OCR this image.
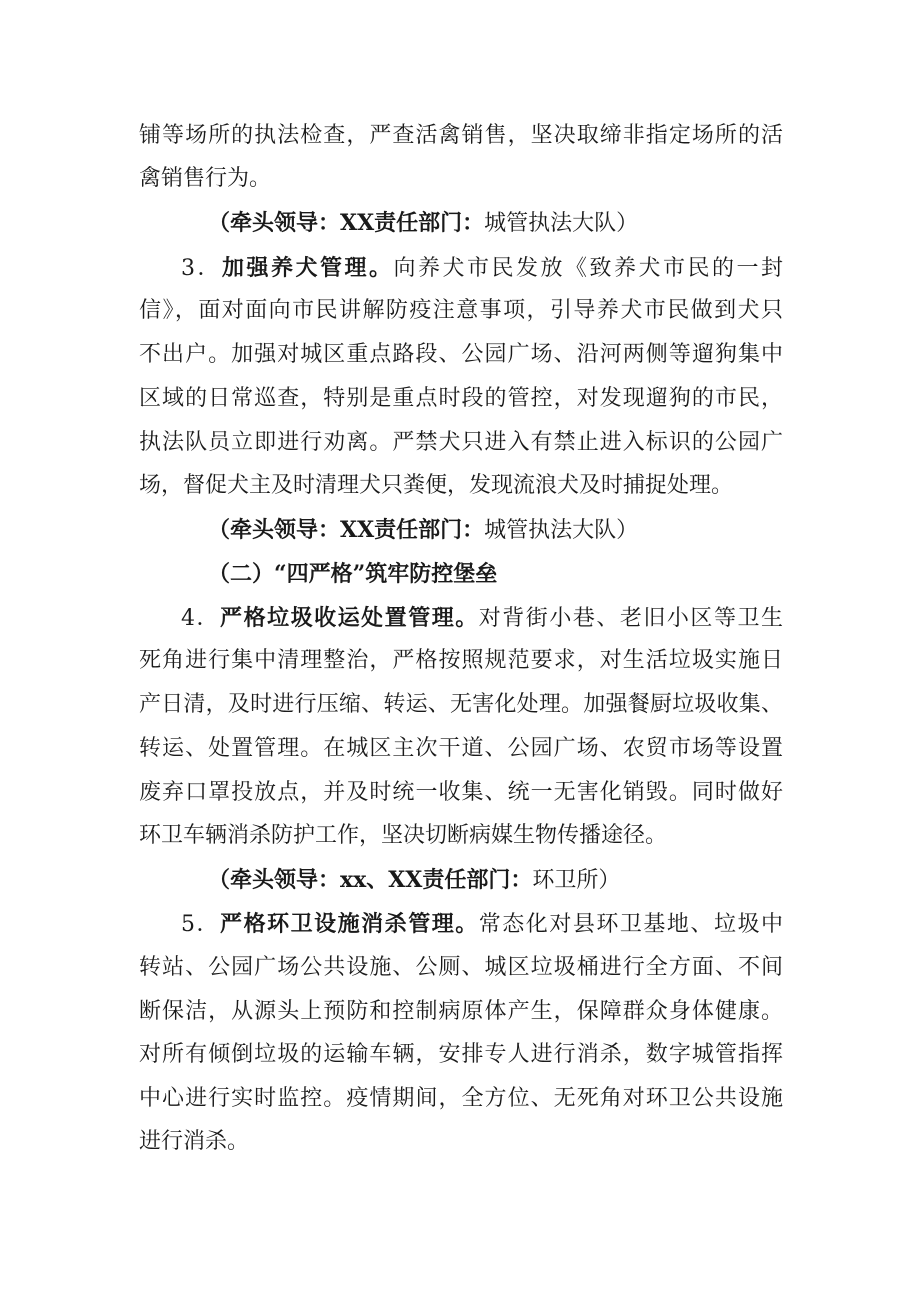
铺等场所的执法检查，严查活禽销售，坚决取缔非指定场所的活
禽销售行为。
（牵头领导：XX责任部门：城管执法大队）
3．加强养犬管理。向养犬市民发放《致养犬市民的一封
信》，面对面向市民讲解防疫注意事项，引导养犬市民做到犬只
不出户。加强对城区重点路段、公园广场、沿河两侧等遛狗集中
区域的日常巡查，特别是重点时段的管控，对发现遛狗的市民，
执法队员立即进行劝离。严禁犬只进入有禁止进入标识的公园广
场，督促犬主及时清理犬只粪便，发现流浪犬及时捕捉处理。
（牵头领导：XX责任部门：城管执法大队）
（二）“四严格”筑牢防控堡垒
4．严格垃圾收运处置管理。对背街小巷、老旧小区等卫生
死角进行集中清理整治，严格按照规范要求，对生活垃圾实施日
产日清，及时进行压缩、转运、无害化处理。加强餐厨垃圾收集、
转运、处置管理。在城区主次干道、公园广场、农贸市场等设置
废弃口罩投放点，并及时统一收集、统一无害化销毁。同时做好
环卫车辆消杀防护工作，坚决切断病媒生物传播途径。
（牵头领导：xx、XX责任部门：环卫所）
5．严格环卫设施消杀管理。常态化对县环卫基地、垃圾中
转站、公园广场公共设施、公厕、城区垃圾桶进行全方面、不间
断保洁，从源头上预防和控制病原体产生，保障群众身体健康。
对所有倾倒垃圾的运输车辆，安排专人进行消杀，数字城管指挥
中心进行实时监控。疫情期间，全方位、无死角对环卫公共设施
进行消杀。
